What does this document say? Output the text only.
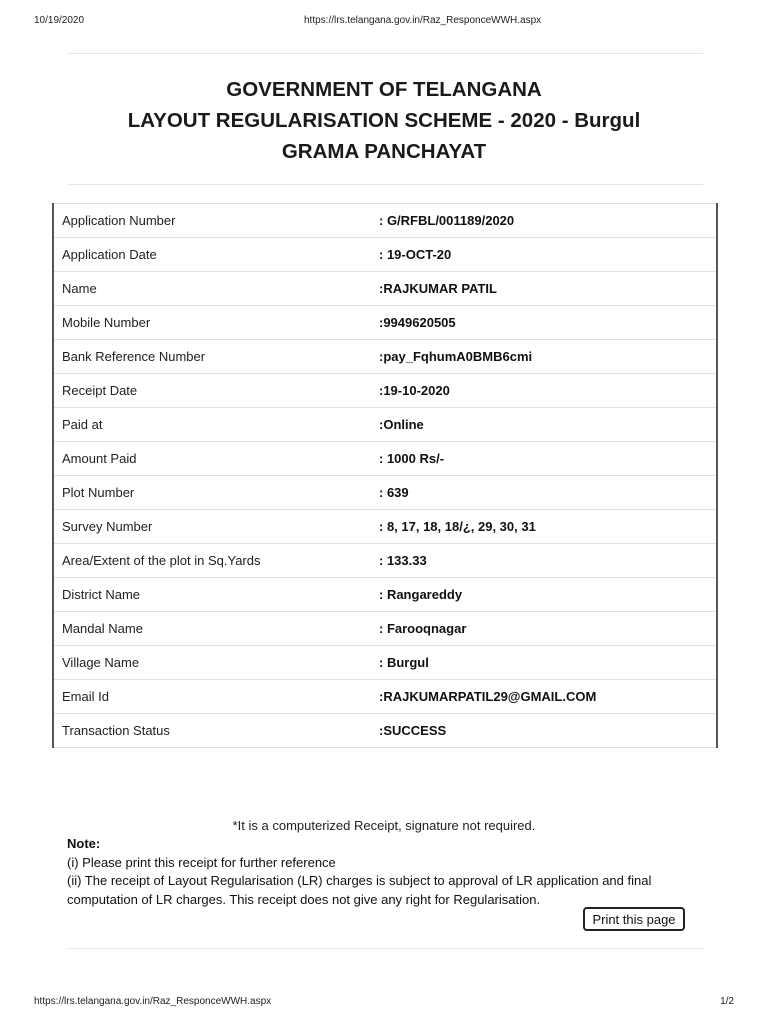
10/19/2020	https://lrs.telangana.gov.in/Raz_ResponceWWH.aspx
GOVERNMENT OF TELANGANA
LAYOUT REGULARISATION SCHEME - 2020 - Burgul
GRAMA PANCHAYAT
Application Number	: G/RFBL/001189/2020
Application Date	: 19-OCT-20
Name	:RAJKUMAR PATIL
Mobile Number	:9949620505
Bank Reference Number	:pay_FqhumA0BMB6cmi
Receipt Date	:19-10-2020
Paid at	:Online
Amount Paid	: 1000 Rs/-
Plot Number	: 639
Survey Number	: 8, 17, 18, 18/¿, 29, 30, 31
Area/Extent of the plot in Sq.Yards	: 133.33
District Name	: Rangareddy
Mandal Name	: Farooqnagar
Village Name	: Burgul
Email Id	:RAJKUMARPATIL29@GMAIL.COM
Transaction Status	:SUCCESS
*It is a computerized Receipt, signature not required.
Note:
(i) Please print this receipt for further reference
(ii) The receipt of Layout Regularisation (LR) charges is subject to approval of LR application and final computation of LR charges. This receipt does not give any right for Regularisation.
Print this page
https://lrs.telangana.gov.in/Raz_ResponceWWH.aspx	1/2
